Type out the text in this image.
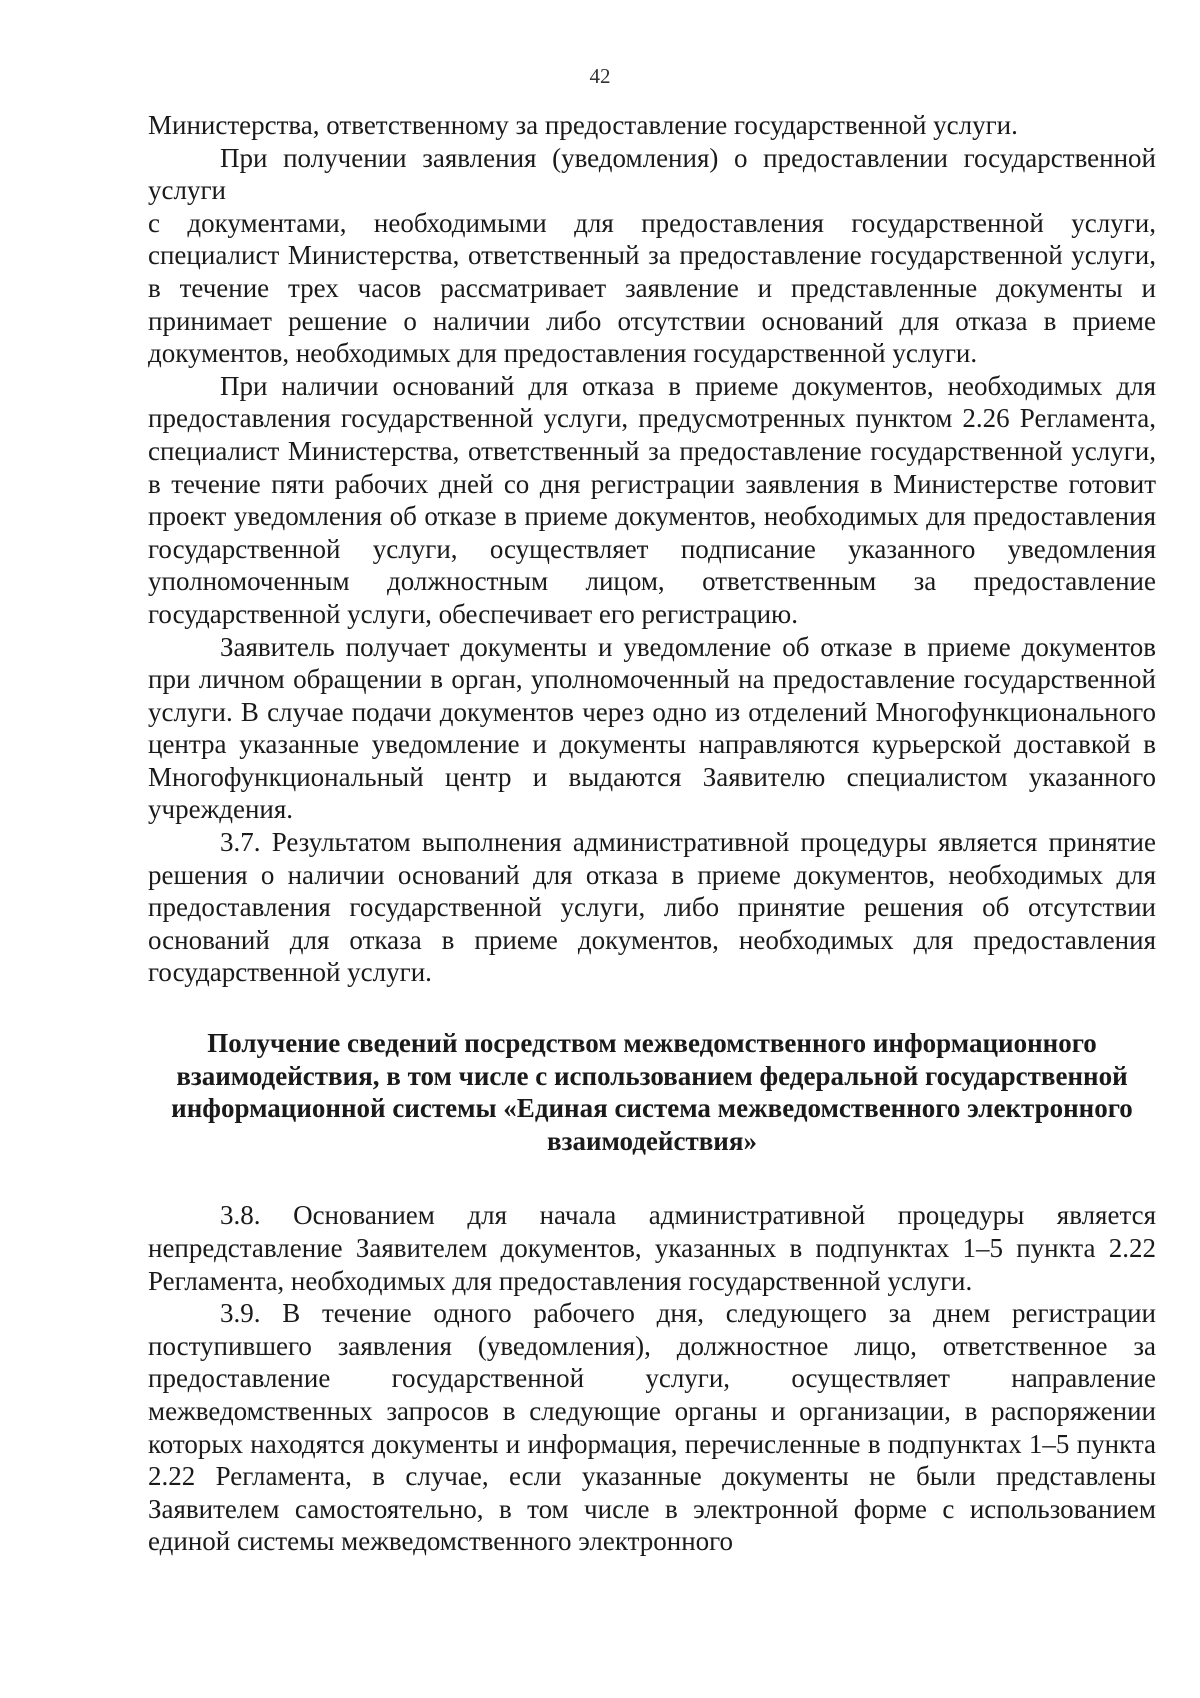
42

Министерства, ответственному за предоставление государственной услуги.

При получении заявления (уведомления) о предоставлении государственной услуги

с документами, необходимыми для предоставления государственной услуги, специалист Министерства, ответственный за предоставление государственной услуги, в течение трех часов рассматривает заявление и представленные документы и принимает решение о наличии либо отсутствии оснований для отказа в приеме документов, необходимых для предоставления государственной услуги.

При наличии оснований для отказа в приеме документов, необходимых для предоставления государственной услуги, предусмотренных пунктом 2.26 Регламента, специалист Министерства, ответственный за предоставление государственной услуги, в течение пяти рабочих дней со дня регистрации заявления в Министерстве готовит проект уведомления об отказе в приеме документов, необходимых для предоставления государственной услуги, осуществляет подписание указанного уведомления уполномоченным должностным лицом, ответственным за предоставление государственной услуги, обеспечивает его регистрацию.

Заявитель получает документы и уведомление об отказе в приеме документов при личном обращении в орган, уполномоченный на предоставление государственной услуги. В случае подачи документов через одно из отделений Многофункционального центра указанные уведомление и документы направляются курьерской доставкой в Многофункциональный центр и выдаются Заявителю специалистом указанного учреждения.

3.7. Результатом выполнения административной процедуры является принятие решения о наличии оснований для отказа в приеме документов, необходимых для предоставления государственной услуги, либо принятие решения об отсутствии оснований для отказа в приеме документов, необходимых для предоставления государственной услуги.

Получение сведений посредством межведомственного информационного взаимодействия, в том числе с использованием федеральной государственной информационной системы «Единая система межведомственного электронного взаимодействия»

3.8. Основанием для начала административной процедуры является непредставление Заявителем документов, указанных в подпунктах 1–5 пункта 2.22 Регламента, необходимых для предоставления государственной услуги.

3.9. В течение одного рабочего дня, следующего за днем регистрации поступившего заявления (уведомления), должностное лицо, ответственное за предоставление государственной услуги, осуществляет направление межведомственных запросов в следующие органы и организации, в распоряжении которых находятся документы и информация, перечисленные в подпунктах 1–5 пункта 2.22 Регламента, в случае, если указанные документы не были представлены Заявителем самостоятельно, в том числе в электронной форме с использованием единой системы межведомственного электронного
